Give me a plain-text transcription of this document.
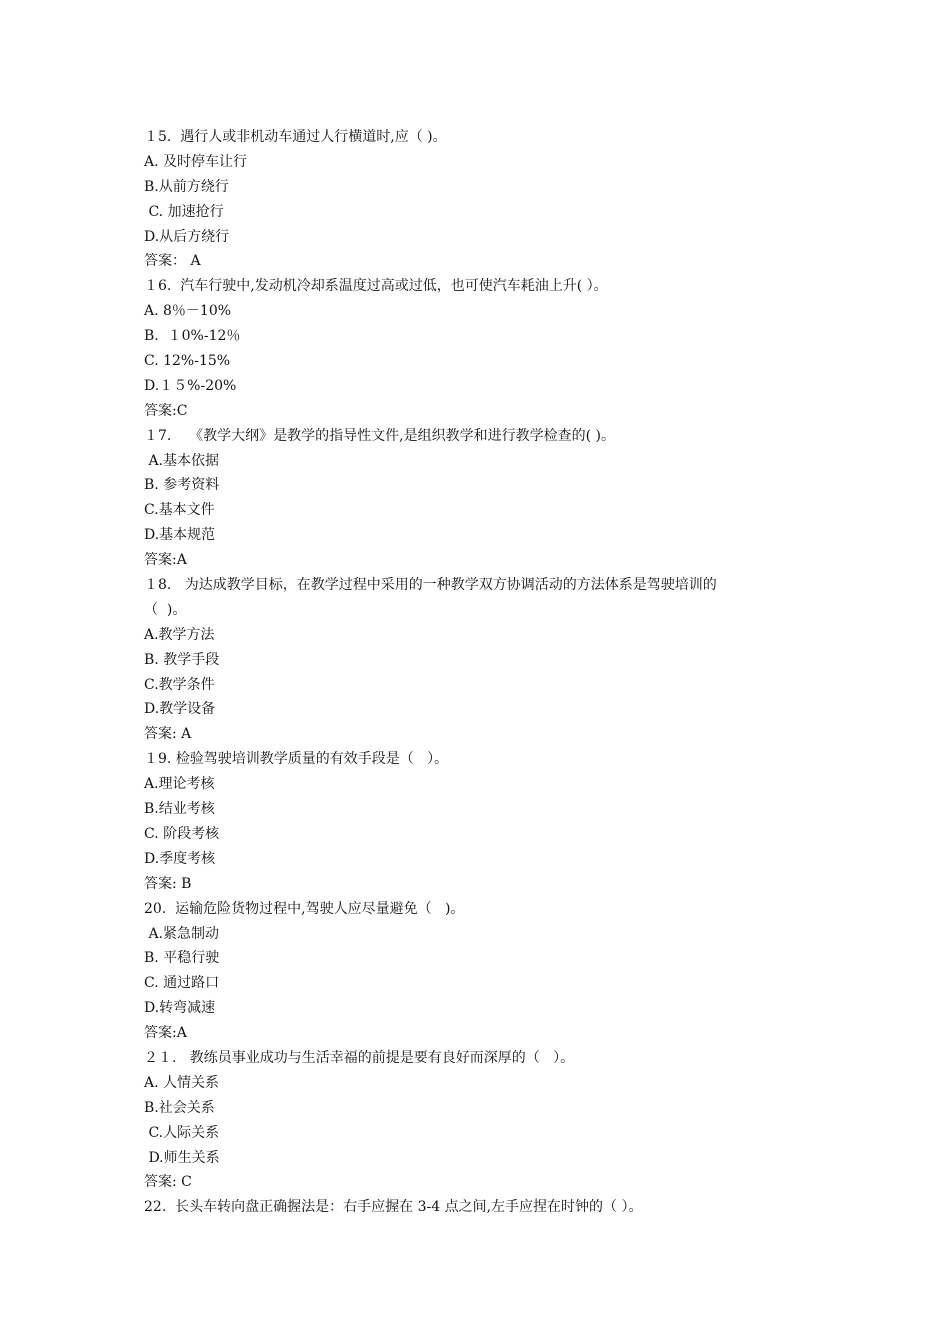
１5.  遇行人或非机动车通过人行横道时,应（ )。
A. 及时停车让行
B.从前方绕行
C. 加速抢行
D.从后方绕行
答案： A
１6.  汽车行驶中,发动机冷却系温度过高或过低，也可使汽车耗油上升( ）。
A. 8％－10%
B.  １0%-12％
C. 12%-15%
D.１５%-20%
答案:C
１7.    《教学大纲》是教学的指导性文件,是组织教学和进行教学检查的( )。
A.基本依据
B. 参考资料
C.基本文件
D.基本规范
答案:A
１8.   为达成教学目标，在教学过程中采用的一种教学双方协调活动的方法体系是驾驶培训的
（  )。
A.教学方法
B. 教学手段
C.教学条件
D.教学设备
答案: A
１9. 检验驾驶培训教学质量的有效手段是（   ）。
A.理论考核
B.结业考核
C. 阶段考核
D.季度考核
答案: B
20.  运输危险货物过程中,驾驶人应尽量避免（   )。
A.紧急制动
B. 平稳行驶
C. 通过路口
D.转弯减速
答案:A
２１.   教练员事业成功与生活幸福的前提是要有良好而深厚的（   ）。
A. 人情关系
B.社会关系
C.人际关系
D.师生关系
答案: C
22.  长头车转向盘正确握法是：右手应握在 3-4 点之间,左手应捏在时钟的（ ）。
